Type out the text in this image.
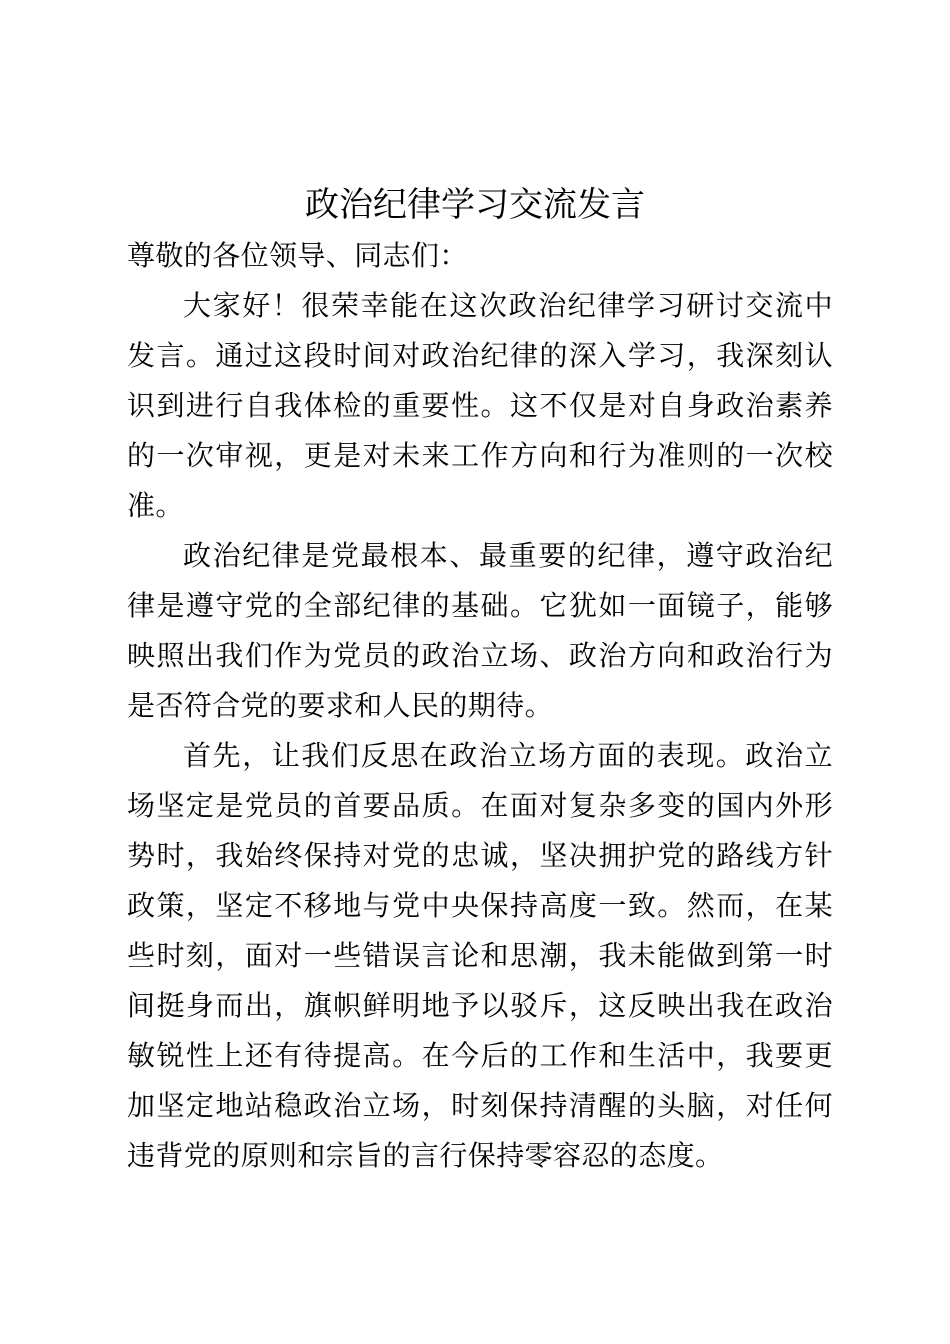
政治纪律学习交流发言

尊敬的各位领导、同志们：

大家好！很荣幸能在这次政治纪律学习研讨交流中发言。通过这段时间对政治纪律的深入学习，我深刻认识到进行自我体检的重要性。这不仅是对自身政治素养的一次审视，更是对未来工作方向和行为准则的一次校准。

政治纪律是党最根本、最重要的纪律，遵守政治纪律是遵守党的全部纪律的基础。它犹如一面镜子，能够映照出我们作为党员的政治立场、政治方向和政治行为是否符合党的要求和人民的期待。

首先，让我们反思在政治立场方面的表现。政治立场坚定是党员的首要品质。在面对复杂多变的国内外形势时，我始终保持对党的忠诚，坚决拥护党的路线方针政策，坚定不移地与党中央保持高度一致。然而，在某些时刻，面对一些错误言论和思潮，我未能做到第一时间挺身而出，旗帜鲜明地予以驳斥，这反映出我在政治敏锐性上还有待提高。在今后的工作和生活中，我要更加坚定地站稳政治立场，时刻保持清醒的头脑，对任何违背党的原则和宗旨的言行保持零容忍的态度。
